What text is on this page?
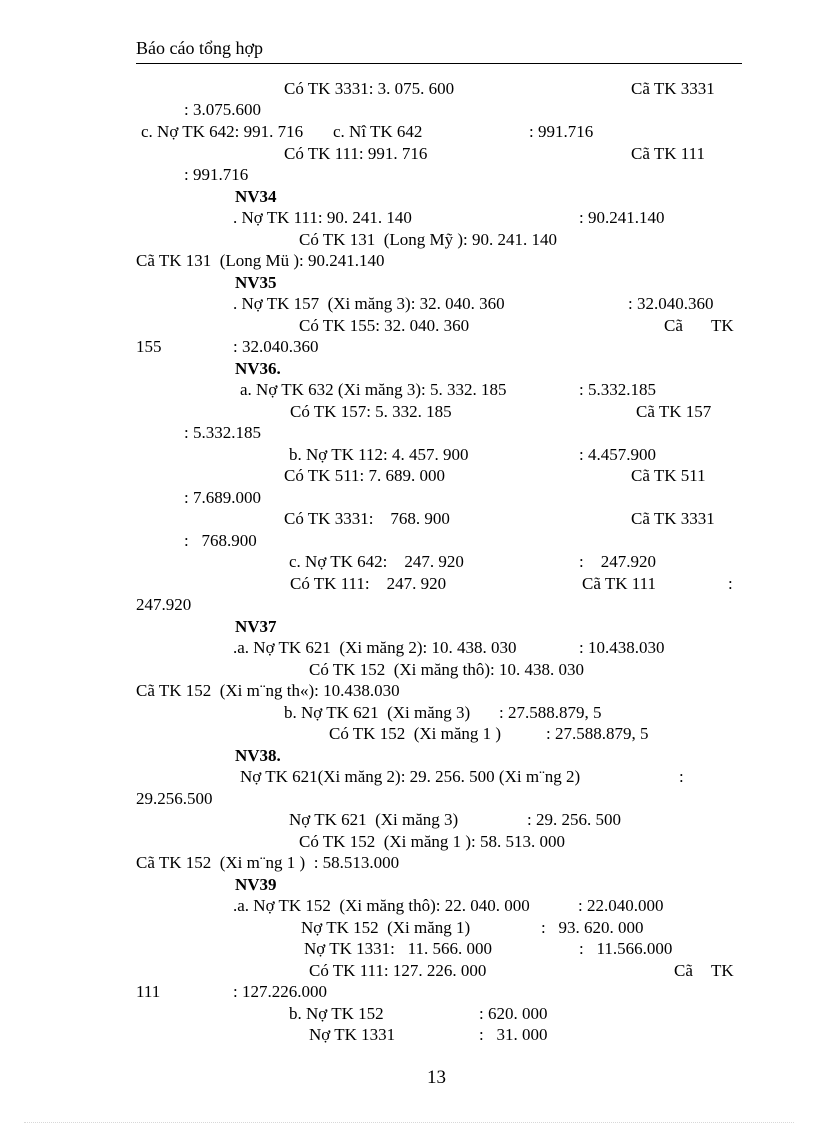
Báo cáo tổng hợp
Có TK 3331: 3. 075. 600	Cã TK 3331
: 3.075.600
c. Nợ TK 642: 991. 716 c. Nî TK 642	: 991.716
Có TK 111: 991. 716	Cã TK 111
: 991.716
NV34
. Nợ TK 111: 90. 241. 140	: 90.241.140
Có TK 131  (Long Mỹ ): 90. 241. 140
Cã TK 131  (Long Mü ): 90.241.140
NV35
. Nợ TK 157  (Xi măng 3): 32. 040. 360	: 32.040.360
Có TK 155: 32. 040. 360	Cã TK
155	: 32.040.360
NV36.
a. Nợ TK 632 (Xi măng 3): 5. 332. 185	: 5.332.185
Có TK 157: 5. 332. 185	Cã TK 157
: 5.332.185
b. Nợ TK 112: 4. 457. 900	: 4.457.900
Có TK 511: 7. 689. 000	Cã TK 511
: 7.689.000
Có TK 3331:    768. 900	Cã TK 3331
:   768.900
c. Nợ TK 642:    247. 920	:    247.920
Có TK 111:    247. 920	Cã TK 111	:
247.920
NV37
.a. Nợ TK 621  (Xi măng 2): 10. 438. 030	: 10.438.030
Có TK 152  (Xi măng thô): 10. 438. 030
Cã TK 152  (Xi m¨ng th«): 10.438.030
b. Nợ TK 621  (Xi măng 3) : 27.588.879, 5
Có TK 152  (Xi măng 1 )	: 27.588.879, 5
NV38.
Nợ TK 621(Xi măng 2): 29. 256. 500 (Xi m¨ng 2)	:
29.256.500
Nợ TK 621  (Xi măng 3)	: 29. 256. 500
Có TK 152  (Xi măng 1 ): 58. 513. 000
Cã TK 152  (Xi m¨ng 1 )  : 58.513.000
NV39
.a. Nợ TK 152  (Xi măng thô): 22. 040. 000	: 22.040.000
Nợ TK 152  (Xi măng 1)	:   93. 620. 000
Nợ TK 1331:   11. 566. 000	:   11.566.000
Có TK 111: 127. 226. 000	Cã TK
111	: 127.226.000
b. Nợ TK 152	: 620. 000
Nợ TK 1331	:   31. 000
13
